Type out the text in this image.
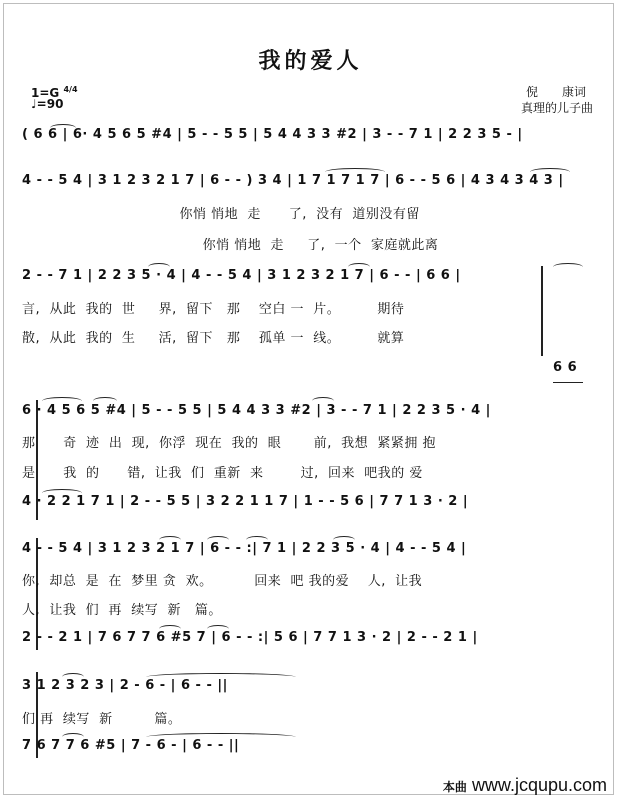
我的爱人
1=G $^{4/4}$
♩=90
倪　　康词
真理的儿子曲
( 6 6 | 6· 4 5 6 5 #4 | 5 - - 5 5 | 5 4 4 3 3 #2 | 3 - - 7 1 | 2 2 3 5 - |
4 - - 5 4 | 3 1 2 3 2 1 7 | 6 - - ) 3 4 | 1 7 1 7 1 7 | 6 - - 5 6 | 4 3 4 3 4 3 |
你悄 悄地  走      了,  没有  道别没有留
你悄 悄地  走     了,  一个  家庭就此离
2 - - 7 1 | 2 2 3 5 · 4 | 4 - - 5 4 | 3 1 2 3 2 1 7 | 6 - - | 6 6 |
言,  从此  我的  世     界,  留下   那    空白 一  片。        期待
散,  从此  我的  生     活,  留下   那    孤单 一  线。        就算
6 6
6 · 4 5 6 5 #4 | 5 - - 5 5 | 5 4 4 3 3 #2 | 3 - - 7 1 | 2 2 3 5 · 4 |
那      奇  迹  出  现,  你浮  现在  我的  眼       前,  我想  紧紧拥 抱
是      我  的      错,  让我  们  重新  来        过,  回来  吧我的 爱
4 · 2 2 1 7 1 | 2 - - 5 5 | 3 2 2 1 1 7 | 1 - - 5 6 | 7 7 1 3 · 2 |
4 - - 5 4 | 3 1 2 3 2 1 7 | 6 - - :| 7 1 | 2 2 3 5 · 4 | 4 - - 5 4 |
你,  却总  是  在  梦里 贪  欢。         回来  吧 我的爱    人,  让我
人,  让我  们  再  续写  新   篇。
2 - - 2 1 | 7 6 7 7 6 #5 7 | 6 - - :| 5 6 | 7 7 1 3 · 2 | 2 - - 2 1 |
3 1 2 3 2 3 | 2 - 6 - | 6 - - ||
们 再  续写  新         篇。
7 6 7 7 6 #5 | 7 - 6 - | 6 - - ||
本曲 www.jcqupu.com
